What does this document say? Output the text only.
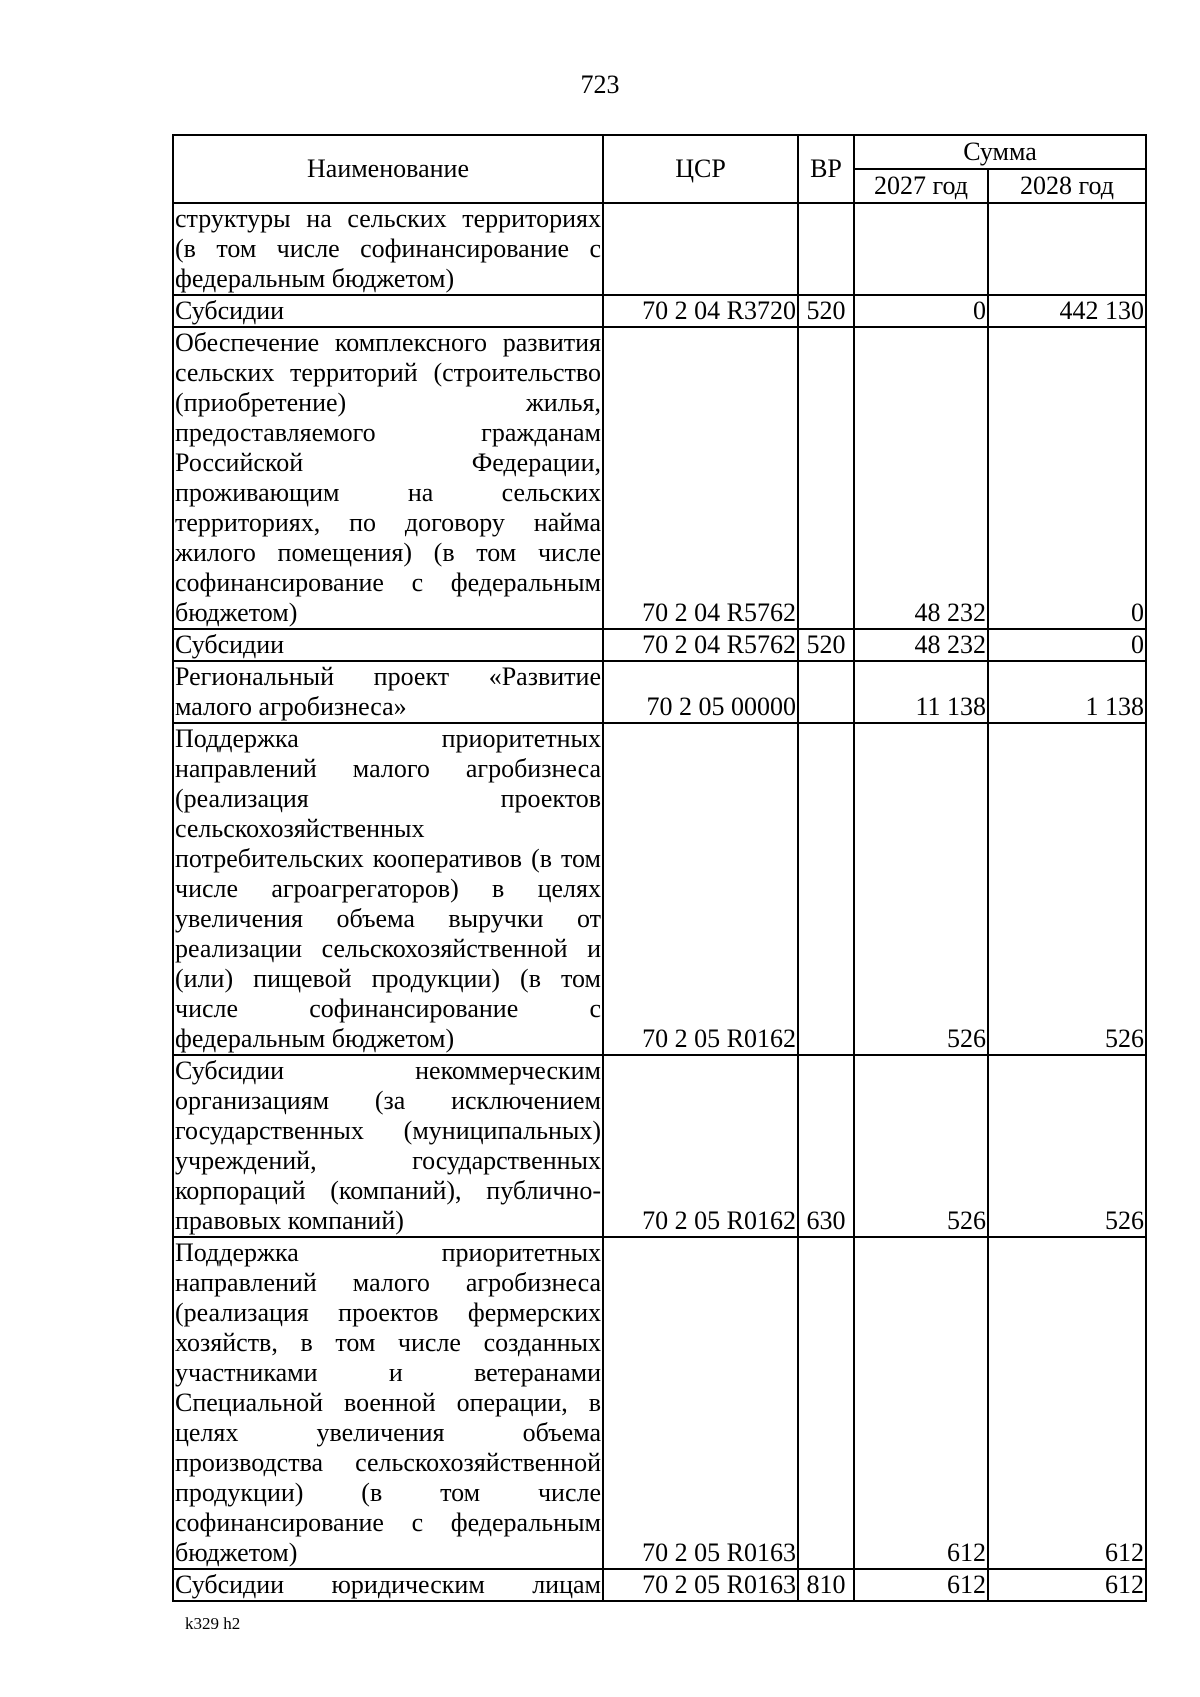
723
Наименование	ЦСР	ВР	Сумма	
			2027 год	2028 год
структуры на сельских территориях (в том числе софинансирование с федеральным бюджетом)				
Субсидии	70 2 04 R3720	520	0	442 130
Обеспечение комплексного развития сельских территорий (строительство (приобретение) жилья, предоставляемого гражданам Российской Федерации, проживающим на сельских территориях, по договору найма жилого помещения) (в том числе софинансирование с федеральным бюджетом)	70 2 04 R5762		48 232	0
Субсидии	70 2 04 R5762	520	48 232	0
Региональный проект «Развитие малого агробизнеса»	70 2 05 00000		11 138	1 138
Поддержка приоритетных направлений малого агробизнеса (реализация проектов сельскохозяйственных потребительских кооперативов (в том числе агроагрегаторов) в целях увеличения объема выручки от реализации сельскохозяйственной и (или) пищевой продукции) (в том числе софинансирование с федеральным бюджетом)	70 2 05 R0162		526	526
Субсидии некоммерческим организациям (за исключением государственных (муниципальных) учреждений, государственных корпораций (компаний), публично-правовых компаний)	70 2 05 R0162	630	526	526
Поддержка приоритетных направлений малого агробизнеса (реализация проектов фермерских хозяйств, в том числе созданных участниками и ветеранами Специальной военной операции, в целях увеличения объема производства сельскохозяйственной продукции) (в том числе софинансирование с федеральным бюджетом)	70 2 05 R0163		612	612
Субсидии юридическим лицам	70 2 05 R0163	810	612	612
k329 h2
